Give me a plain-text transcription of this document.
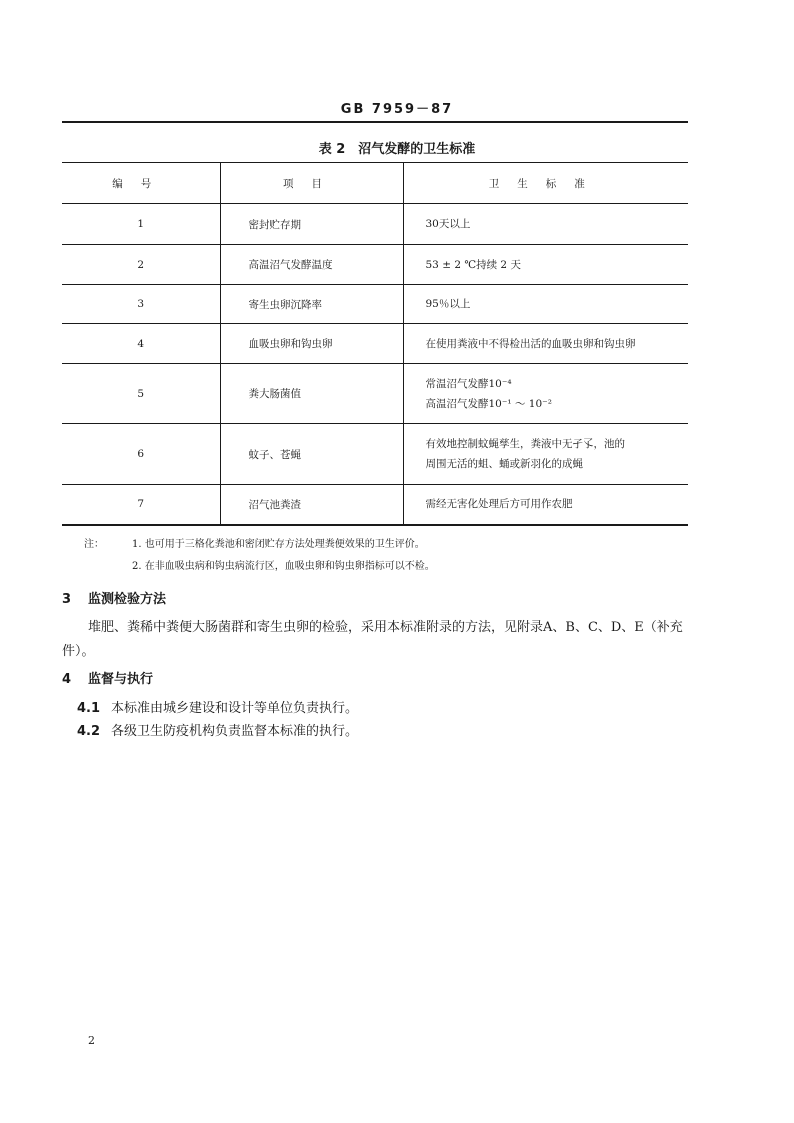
GB 7959－87
表 2　沼气发酵的卫生标准
编号	项目	卫生标准
1	密封贮存期	30天以上

2	高温沼气发酵温度	53 ± 2 ℃持续 2 天

3	寄生虫卵沉降率	95％以上

4	血吸虫卵和钩虫卵	在使用粪液中不得检出活的血吸虫卵和钩虫卵

5	粪大肠菌值	常温沼气发酵10⁻⁴
高温沼气发酵10⁻¹ ～ 10⁻²

6	蚊子、苍蝇	有效地控制蚊蝇孳生，粪液中无孑孓，池的
周围无活的蛆、蛹或新羽化的成蝇

7	沼气池粪渣	需经无害化处理后方可用作农肥
注：	1. 也可用于三格化粪池和密闭贮存方法处理粪便效果的卫生评价。
2. 在非血吸虫病和钩虫病流行区，血吸虫卵和钩虫卵指标可以不检。
3 监测检验方法
堆肥、粪稀中粪便大肠菌群和寄生虫卵的检验，采用本标准附录的方法，见附录A、B、C、D、E（补充件）。
4 监督与执行
4.1 本标准由城乡建设和设计等单位负责执行。
4.2 各级卫生防疫机构负责监督本标准的执行。
2
